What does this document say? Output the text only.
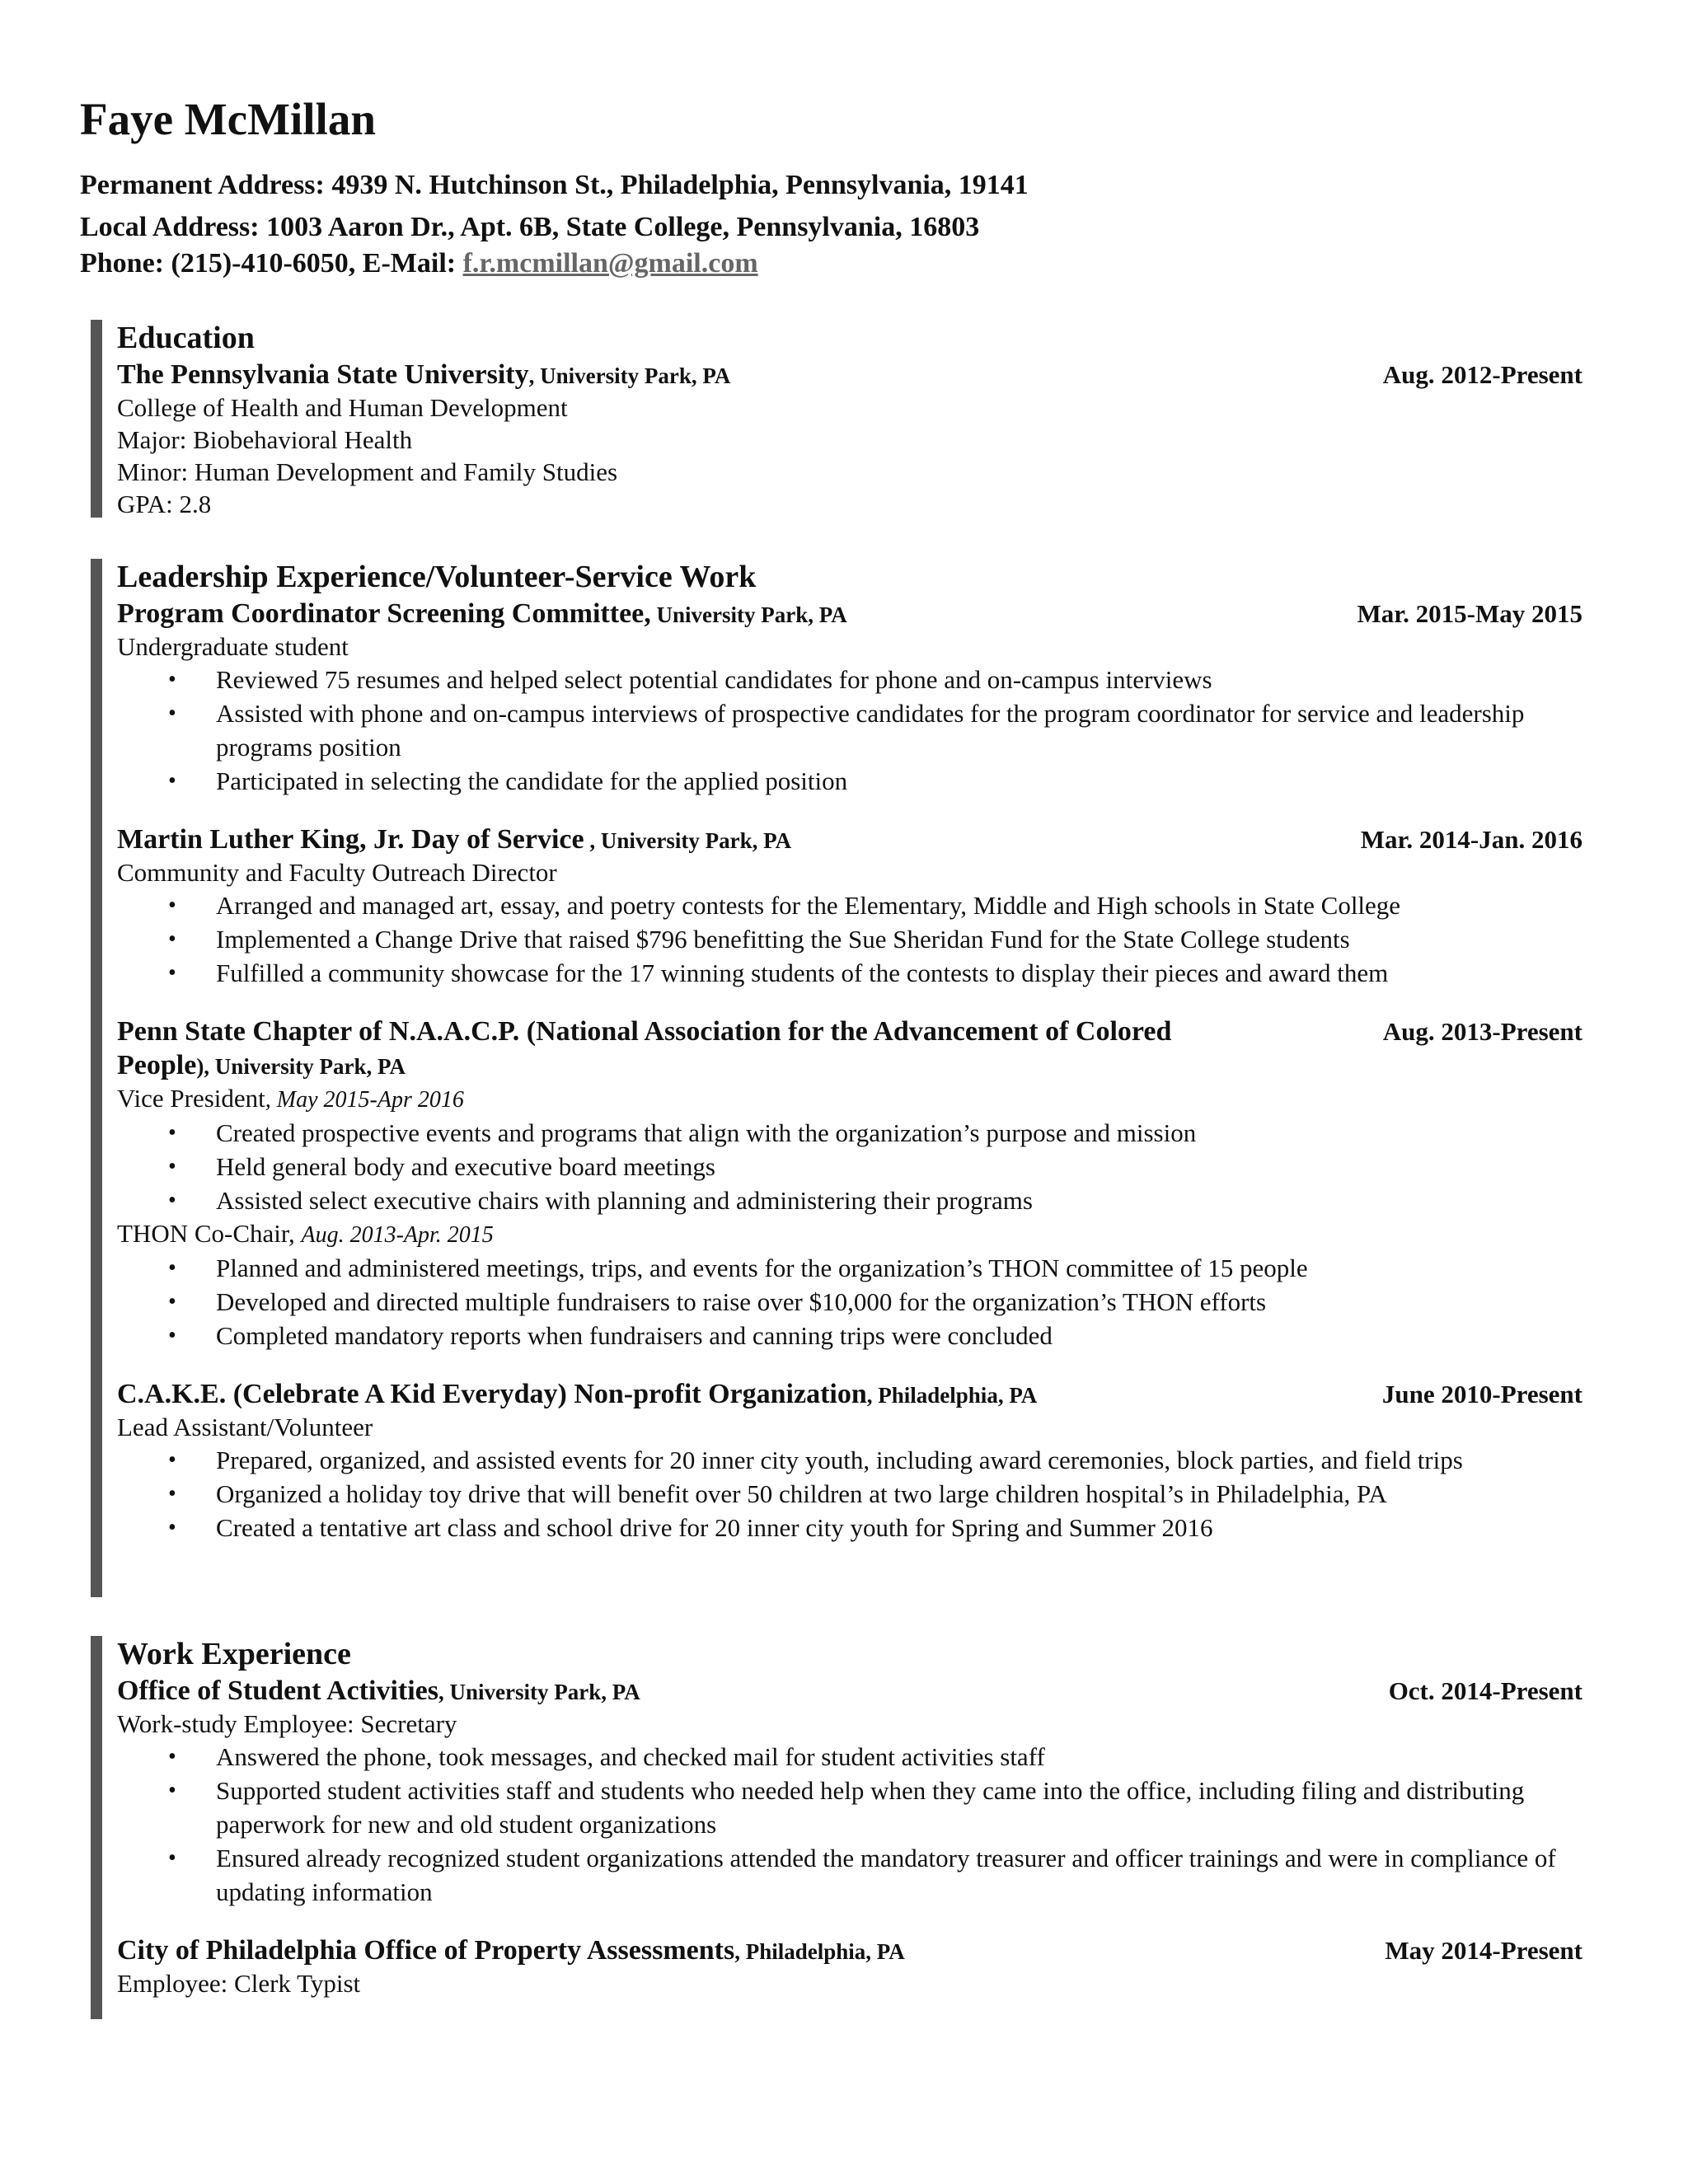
Faye McMillan
Permanent Address: 4939 N. Hutchinson St., Philadelphia, Pennsylvania, 19141
Local Address: 1003 Aaron Dr., Apt. 6B, State College, Pennsylvania, 16803
Phone: (215)-410-6050, E-Mail: f.r.mcmillan@gmail.com
Education
The Pennsylvania State University, University Park, PA	Aug. 2012-Present
College of Health and Human Development
Major: Biobehavioral Health
Minor: Human Development and Family Studies
GPA: 2.8
Leadership Experience/Volunteer-Service Work
Program Coordinator Screening Committee, University Park, PA	Mar. 2015-May 2015
Undergraduate student
• Reviewed 75 resumes and helped select potential candidates for phone and on-campus interviews
• Assisted with phone and on-campus interviews of prospective candidates for the program coordinator for service and leadership programs position
• Participated in selecting the candidate for the applied position
Martin Luther King, Jr. Day of Service , University Park, PA	Mar. 2014-Jan. 2016
Community and Faculty Outreach Director
• Arranged and managed art, essay, and poetry contests for the Elementary, Middle and High schools in State College
• Implemented a Change Drive that raised $796 benefitting the Sue Sheridan Fund for the State College students
• Fulfilled a community showcase for the 17 winning students of the contests to display their pieces and award them
Penn State Chapter of N.A.A.C.P. (National Association for the Advancement of Colored	Aug. 2013-Present
People), University Park, PA
Vice President, May 2015-Apr 2016
• Created prospective events and programs that align with the organization’s purpose and mission
• Held general body and executive board meetings
• Assisted select executive chairs with planning and administering their programs
THON Co-Chair, Aug. 2013-Apr. 2015
• Planned and administered meetings, trips, and events for the organization’s THON committee of 15 people
• Developed and directed multiple fundraisers to raise over $10,000 for the organization’s THON efforts
• Completed mandatory reports when fundraisers and canning trips were concluded
C.A.K.E. (Celebrate A Kid Everyday) Non-profit Organization, Philadelphia, PA	June 2010-Present
Lead Assistant/Volunteer
• Prepared, organized, and assisted events for 20 inner city youth, including award ceremonies, block parties, and field trips
• Organized a holiday toy drive that will benefit over 50 children at two large children hospital’s in Philadelphia, PA
• Created a tentative art class and school drive for 20 inner city youth for Spring and Summer 2016
Work Experience
Office of Student Activities, University Park, PA	Oct. 2014-Present
Work-study Employee: Secretary
• Answered the phone, took messages, and checked mail for student activities staff
• Supported student activities staff and students who needed help when they came into the office, including filing and distributing paperwork for new and old student organizations
• Ensured already recognized student organizations attended the mandatory treasurer and officer trainings and were in compliance of updating information
City of Philadelphia Office of Property Assessments, Philadelphia, PA	May 2014-Present
Employee: Clerk Typist
